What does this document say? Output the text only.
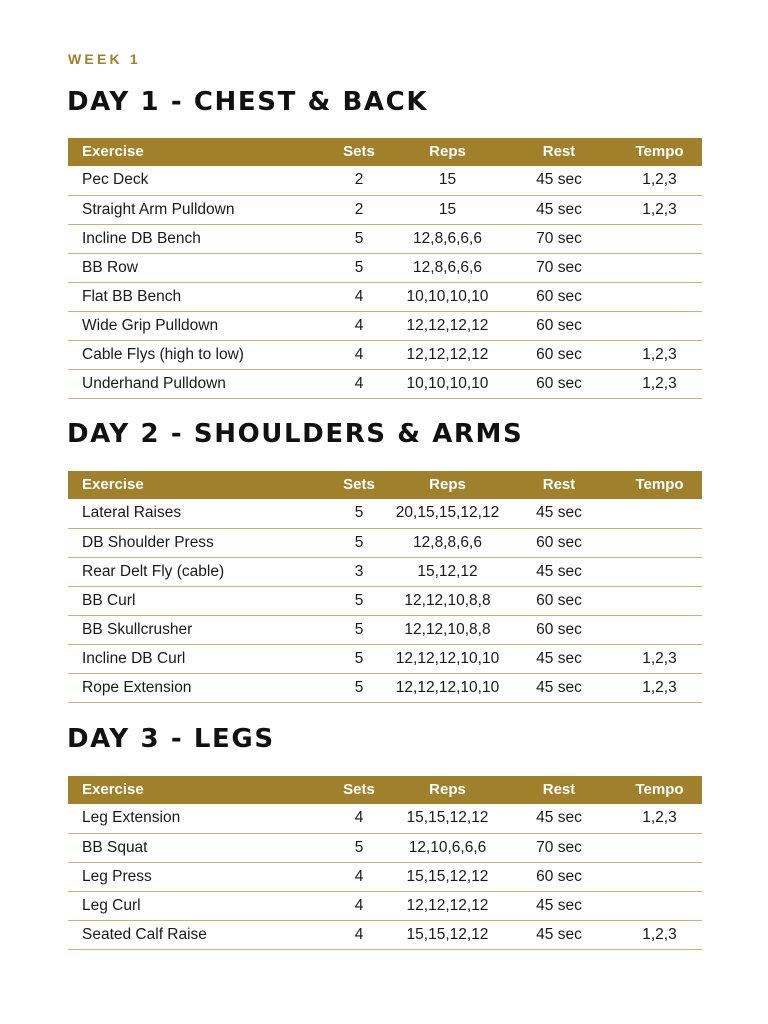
WEEK 1
DAY 1 - CHEST & BACK
Exercise	Sets	Reps	Rest	Tempo
Pec Deck	2	15	45 sec	1,2,3
Straight Arm Pulldown	2	15	45 sec	1,2,3
Incline DB Bench	5	12,8,6,6,6	70 sec	
BB Row	5	12,8,6,6,6	70 sec	
Flat BB Bench	4	10,10,10,10	60 sec	
Wide Grip Pulldown	4	12,12,12,12	60 sec	
Cable Flys (high to low)	4	12,12,12,12	60 sec	1,2,3
Underhand Pulldown	4	10,10,10,10	60 sec	1,2,3
DAY 2 - SHOULDERS & ARMS
Exercise	Sets	Reps	Rest	Tempo
Lateral Raises	5	20,15,15,12,12	45 sec	
DB Shoulder Press	5	12,8,8,6,6	60 sec	
Rear Delt Fly (cable)	3	15,12,12	45 sec	
BB Curl	5	12,12,10,8,8	60 sec	
BB Skullcrusher	5	12,12,10,8,8	60 sec	
Incline DB Curl	5	12,12,12,10,10	45 sec	1,2,3
Rope Extension	5	12,12,12,10,10	45 sec	1,2,3
DAY 3 - LEGS
Exercise	Sets	Reps	Rest	Tempo
Leg Extension	4	15,15,12,12	45 sec	1,2,3
BB Squat	5	12,10,6,6,6	70 sec	
Leg Press	4	15,15,12,12	60 sec	
Leg Curl	4	12,12,12,12	45 sec	
Seated Calf Raise	4	15,15,12,12	45 sec	1,2,3
